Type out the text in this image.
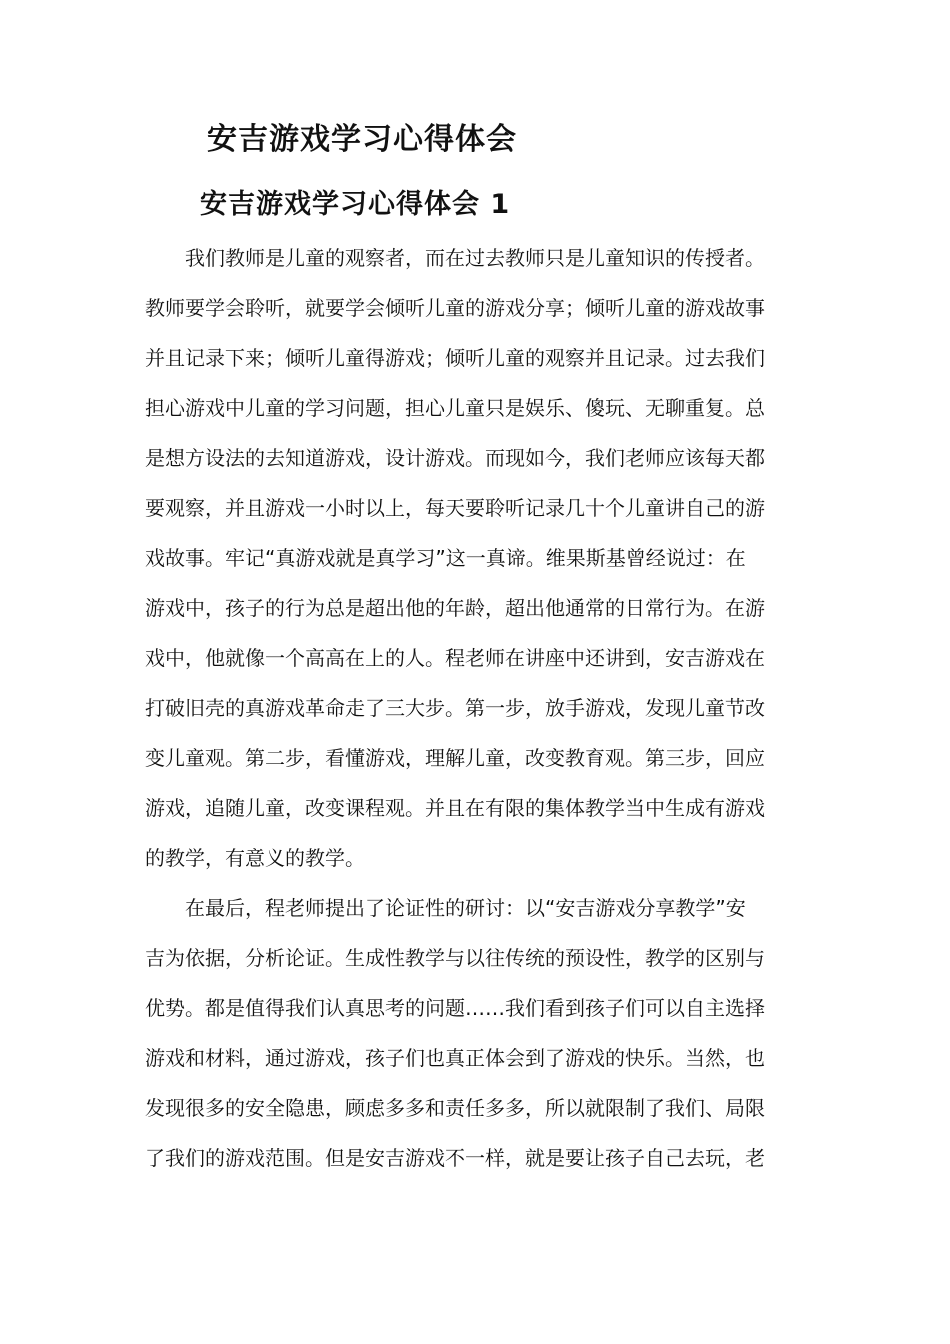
安吉游戏学习心得体会
安吉游戏学习心得体会 1

　　我们教师是儿童的观察者，而在过去教师只是儿童知识的传授者。

教师要学会聆听，就要学会倾听儿童的游戏分享；倾听儿童的游戏故事

并且记录下来；倾听儿童得游戏；倾听儿童的观察并且记录。过去我们

担心游戏中儿童的学习问题，担心儿童只是娱乐、傻玩、无聊重复。总

是想方设法的去知道游戏，设计游戏。而现如今，我们老师应该每天都

要观察，并且游戏一小时以上，每天要聆听记录几十个儿童讲自己的游

戏故事。牢记“真游戏就是真学习”这一真谛。维果斯基曾经说过：在

游戏中，孩子的行为总是超出他的年龄，超出他通常的日常行为。在游

戏中，他就像一个高高在上的人。程老师在讲座中还讲到，安吉游戏在

打破旧壳的真游戏革命走了三大步。第一步，放手游戏，发现儿童节改

变儿童观。第二步，看懂游戏，理解儿童，改变教育观。第三步，回应

游戏，追随儿童，改变课程观。并且在有限的集体教学当中生成有游戏

的教学，有意义的教学。

　　在最后，程老师提出了论证性的研讨：以“安吉游戏分享教学”安

吉为依据，分析论证。生成性教学与以往传统的预设性，教学的区别与

优势。都是值得我们认真思考的问题……我们看到孩子们可以自主选择

游戏和材料，通过游戏，孩子们也真正体会到了游戏的快乐。当然，也

发现很多的安全隐患，顾虑多多和责任多多，所以就限制了我们、局限

了我们的游戏范围。但是安吉游戏不一样，就是要让孩子自己去玩，老
